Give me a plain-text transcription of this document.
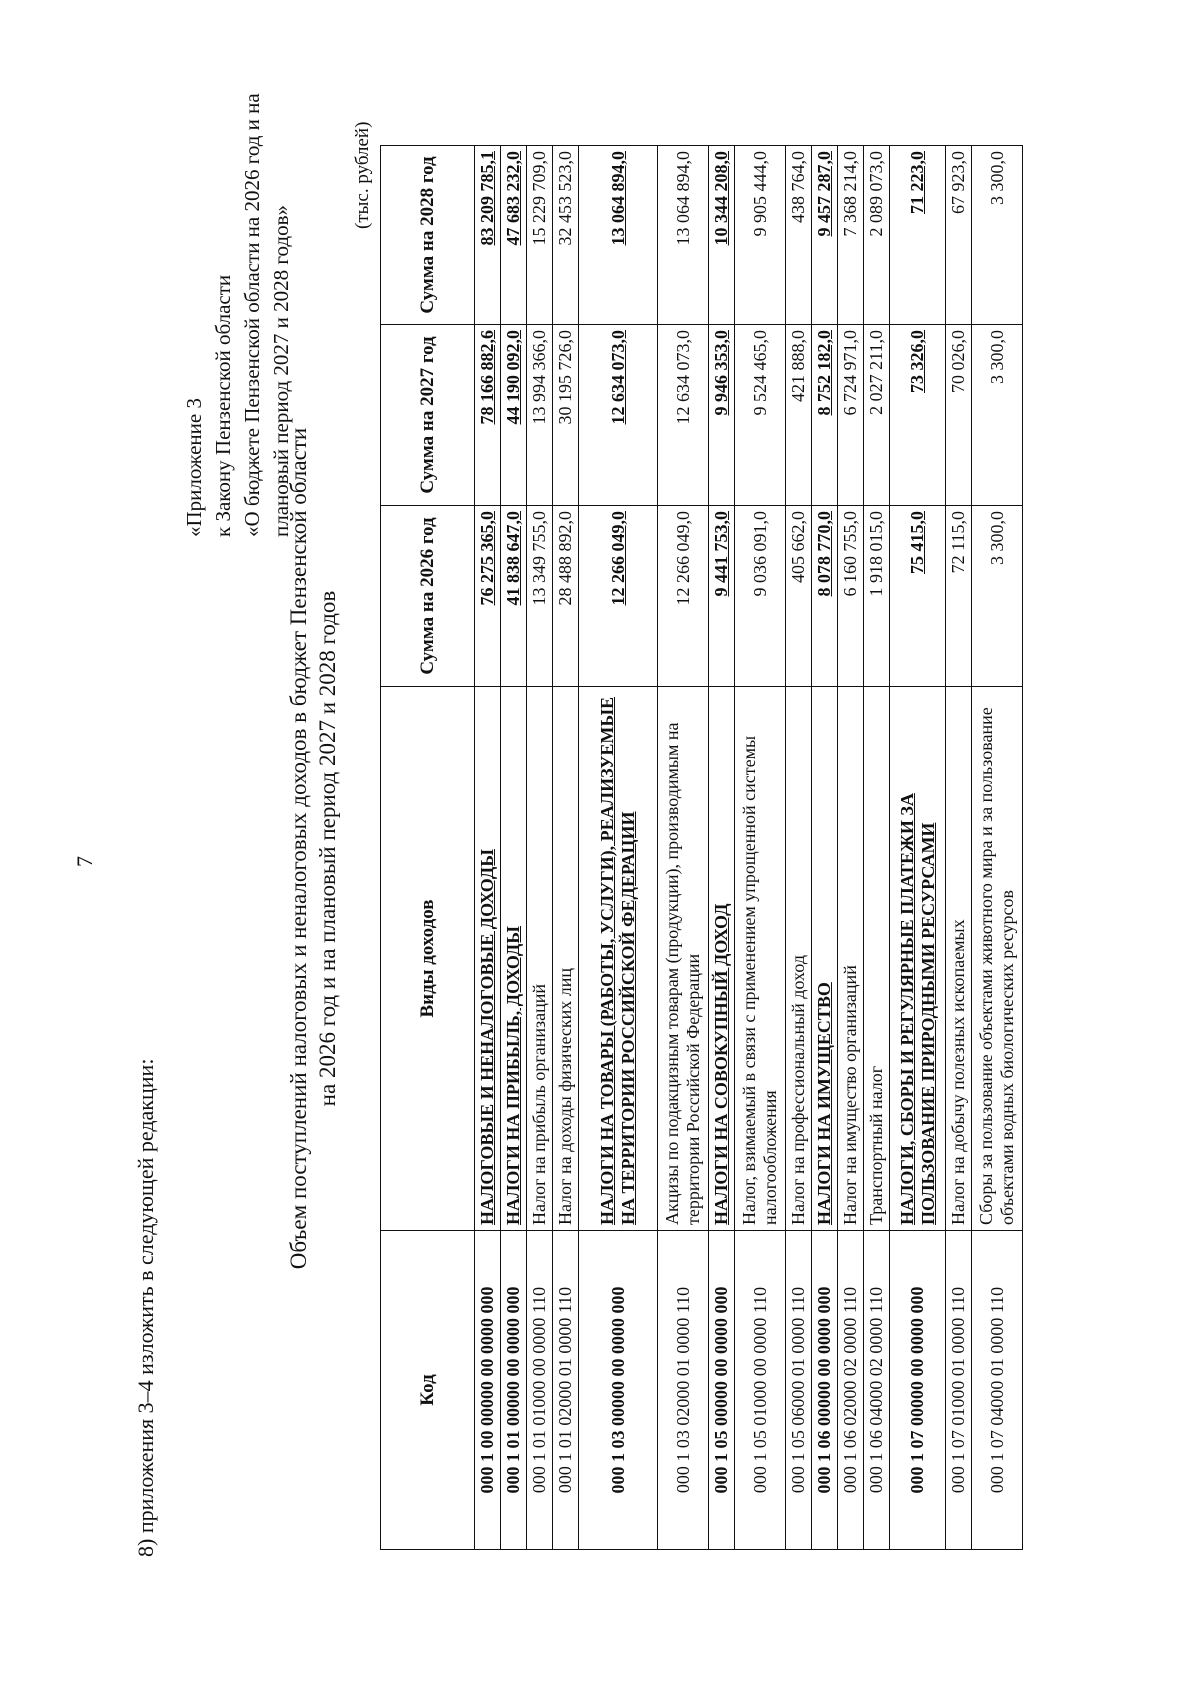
7
8) приложения 3–4 изложить в следующей редакции:
«Приложение 3 к Закону Пензенской области «О бюджете Пензенской области на 2026 год и на плановый период 2027 и 2028 годов»
Объем поступлений налоговых и неналоговых доходов в бюджет Пензенской области на 2026 год и на плановый период 2027 и 2028 годов
(тыс. рублей)
Код	Виды доходов	Сумма на 2026 год	Сумма на 2027 год	Сумма на 2028 год
000 1 00 00000 00 0000 000	НАЛОГОВЫЕ И НЕНАЛОГОВЫЕ ДОХОДЫ	76 275 365,0	78 166 882,6	83 209 785,1
000 1 01 00000 00 0000 000	НАЛОГИ НА ПРИБЫЛЬ, ДОХОДЫ	41 838 647,0	44 190 092,0	47 683 232,0
000 1 01 01000 00 0000 110	Налог на прибыль организаций	13 349 755,0	13 994 366,0	15 229 709,0
000 1 01 02000 01 0000 110	Налог на доходы физических лиц	28 488 892,0	30 195 726,0	32 453 523,0
000 1 03 00000 00 0000 000	НАЛОГИ НА ТОВАРЫ (РАБОТЫ, УСЛУГИ), РЕАЛИЗУЕМЫЕ НА ТЕРРИТОРИИ РОССИЙСКОЙ ФЕДЕРАЦИИ	12 266 049,0	12 634 073,0	13 064 894,0
000 1 03 02000 01 0000 110	Акцизы по подакцизным товарам (продукции), производимым на территории Российской Федерации	12 266 049,0	12 634 073,0	13 064 894,0
000 1 05 00000 00 0000 000	НАЛОГИ НА СОВОКУПНЫЙ ДОХОД	9 441 753,0	9 946 353,0	10 344 208,0
000 1 05 01000 00 0000 110	Налог, взимаемый в связи с применением упрощенной системы налогообложения	9 036 091,0	9 524 465,0	9 905 444,0
000 1 05 06000 01 0000 110	Налог на профессиональный доход	405 662,0	421 888,0	438 764,0
000 1 06 00000 00 0000 000	НАЛОГИ НА ИМУЩЕСТВО	8 078 770,0	8 752 182,0	9 457 287,0
000 1 06 02000 02 0000 110	Налог на имущество организаций	6 160 755,0	6 724 971,0	7 368 214,0
000 1 06 04000 02 0000 110	Транспортный налог	1 918 015,0	2 027 211,0	2 089 073,0
000 1 07 00000 00 0000 000	НАЛОГИ, СБОРЫ И РЕГУЛЯРНЫЕ ПЛАТЕЖИ ЗА ПОЛЬЗОВАНИЕ ПРИРОДНЫМИ РЕСУРСАМИ	75 415,0	73 326,0	71 223,0
000 1 07 01000 01 0000 110	Налог на добычу полезных ископаемых	72 115,0	70 026,0	67 923,0
000 1 07 04000 01 0000 110	Сборы за пользование объектами животного мира и за пользование объектами водных биологических ресурсов	3 300,0	3 300,0	3 300,0
